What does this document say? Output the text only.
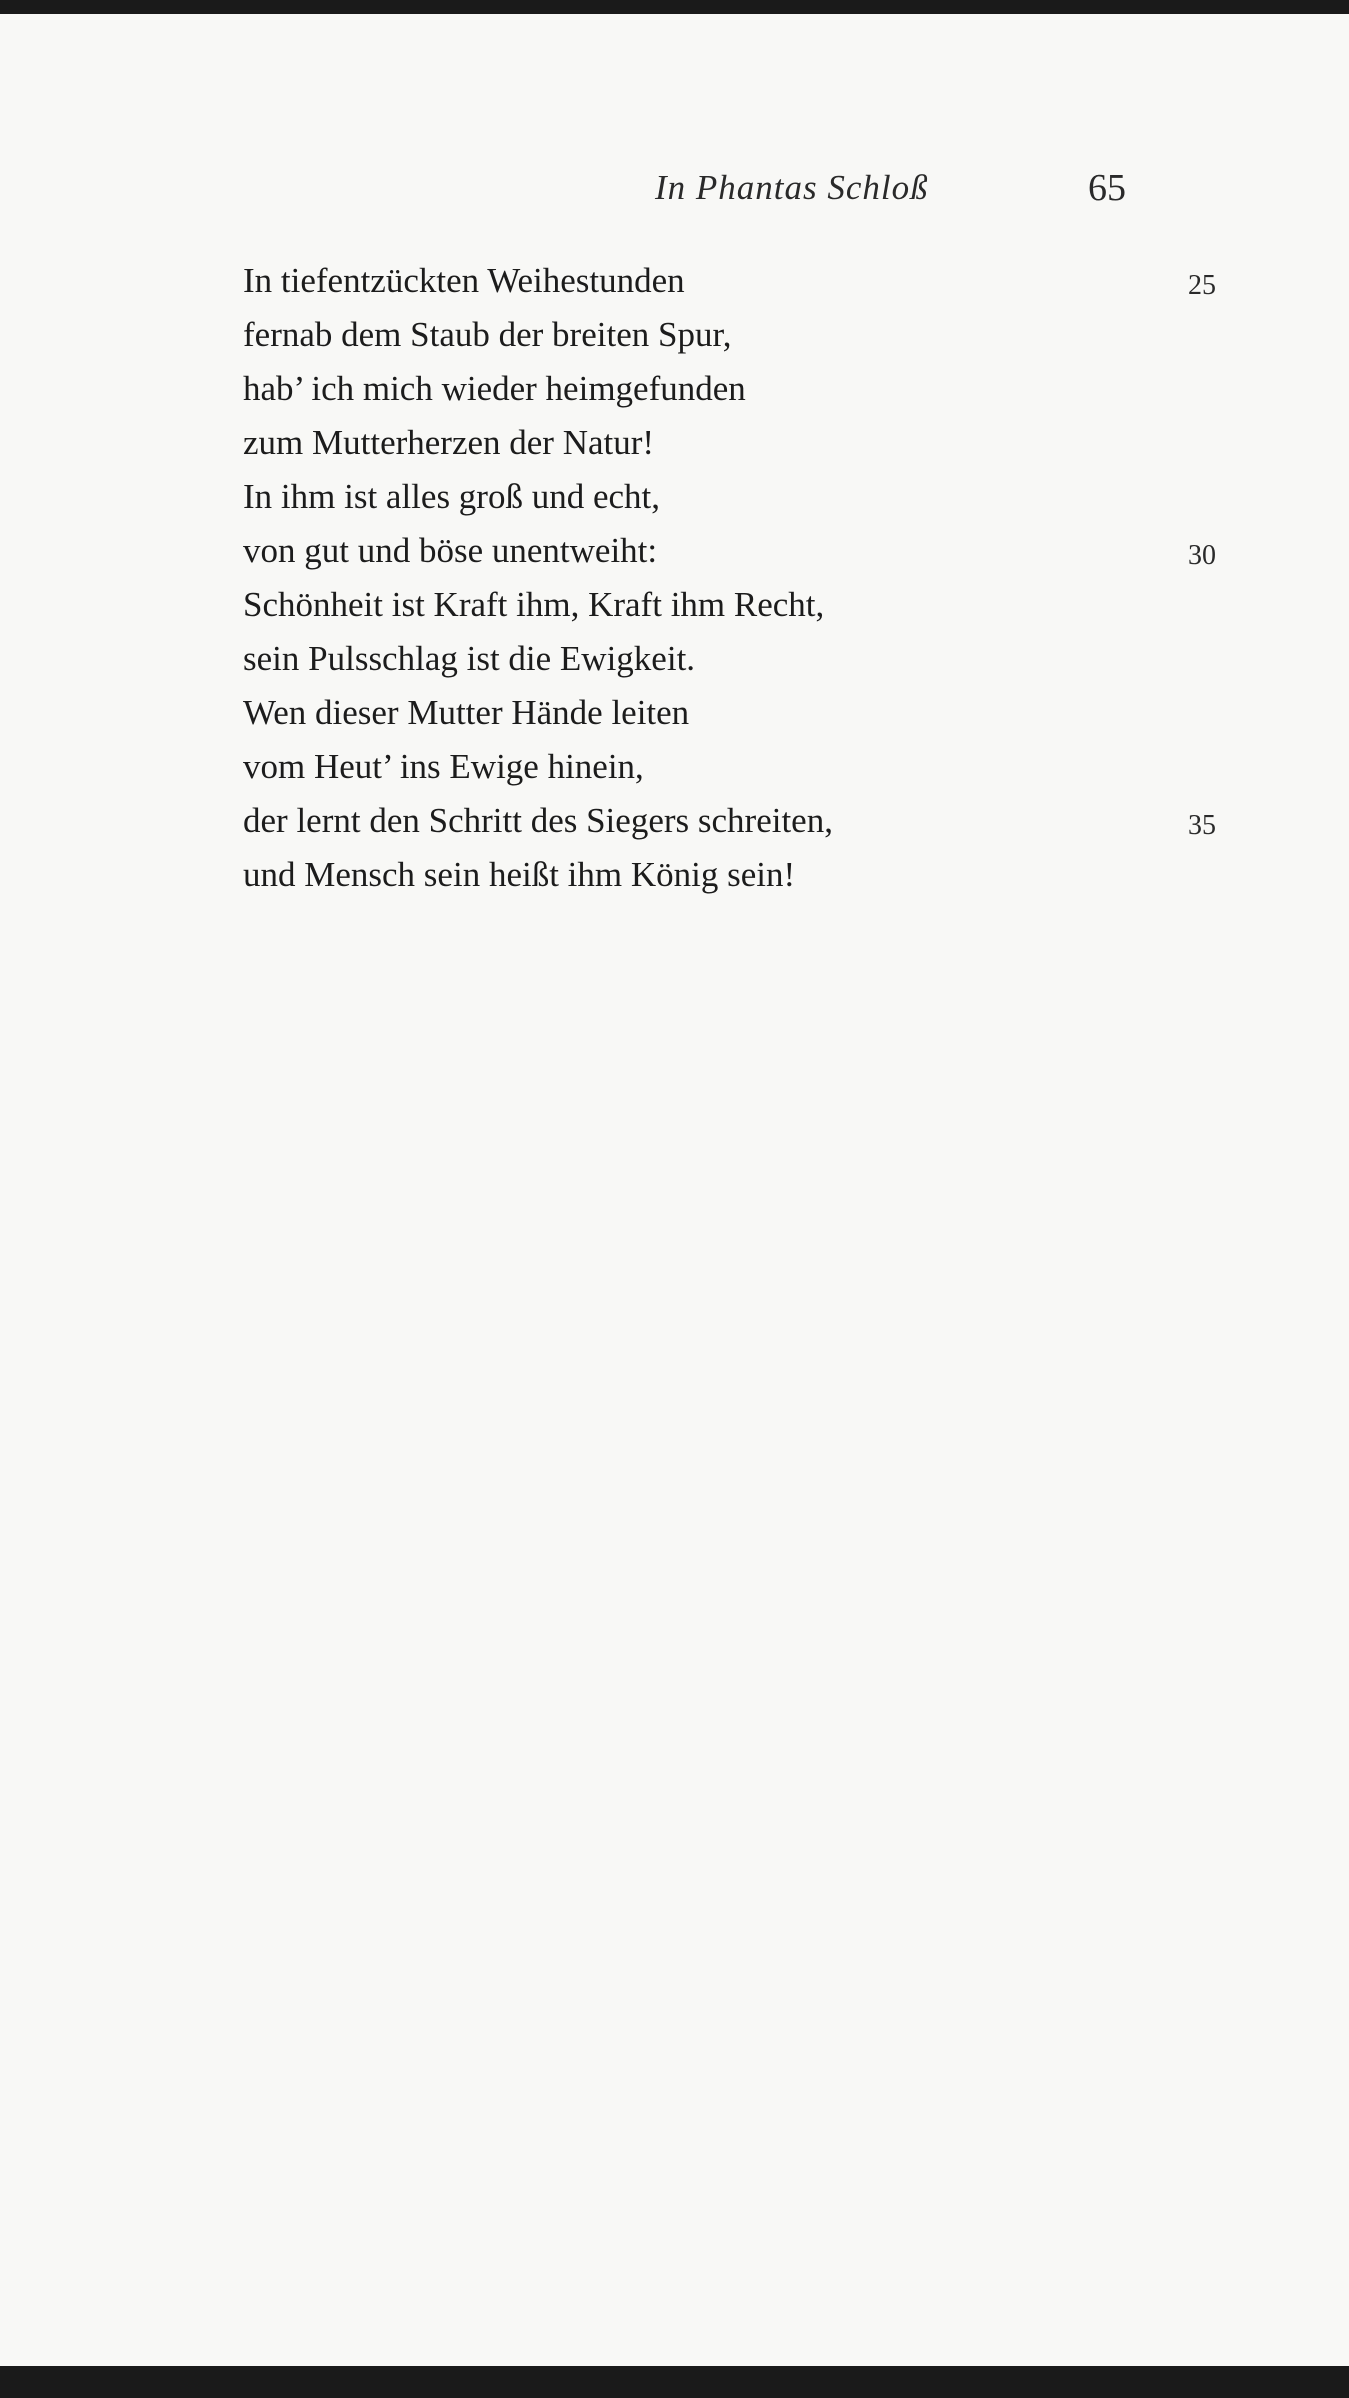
In Phantas Schloß	65
In tiefentzückten Weihestunden
fernab dem Staub der breiten Spur,
hab’ ich mich wieder heimgefunden
zum Mutterherzen der Natur!
In ihm ist alles groß und echt,
von gut und böse unentweiht:
Schönheit ist Kraft ihm, Kraft ihm Recht,
sein Pulsschlag ist die Ewigkeit.
Wen dieser Mutter Hände leiten
vom Heut’ ins Ewige hinein,
der lernt den Schritt des Siegers schreiten,
und Mensch sein heißt ihm König sein!
25
30
35
